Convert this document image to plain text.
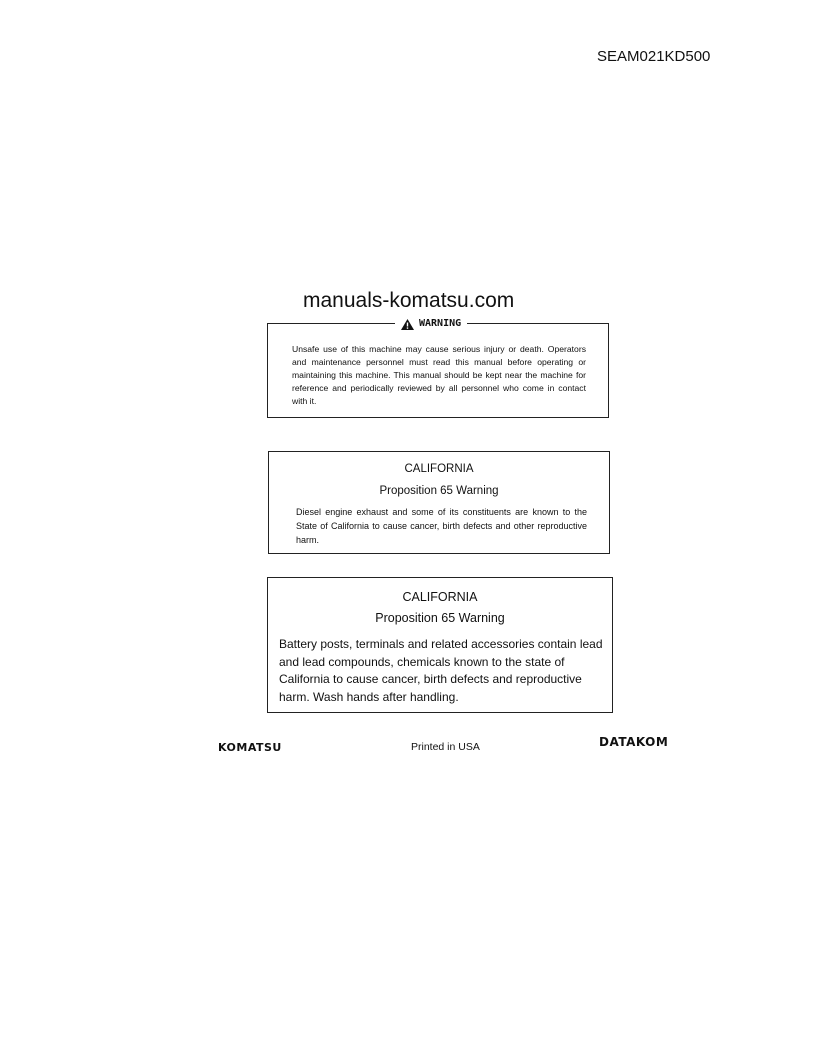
SEAM021KD500
manuals-komatsu.com
WARNING
Unsafe use of this machine may cause serious injury or death. Operators and maintenance personnel must read this manual before operating or maintaining this machine. This manual should be kept near the machine for reference and periodically reviewed by all personnel who come in contact with it.
CALIFORNIA
Proposition 65 Warning
Diesel engine exhaust and some of its constituents are known to the State of California to cause cancer, birth defects and other reproductive harm.
CALIFORNIA
Proposition 65 Warning
Battery posts, terminals and related accessories contain lead and lead compounds, chemicals known to the state of California to cause cancer, birth defects and reproductive harm. Wash hands after handling.
KOMATSU	Printed in USA	DATAKOM
